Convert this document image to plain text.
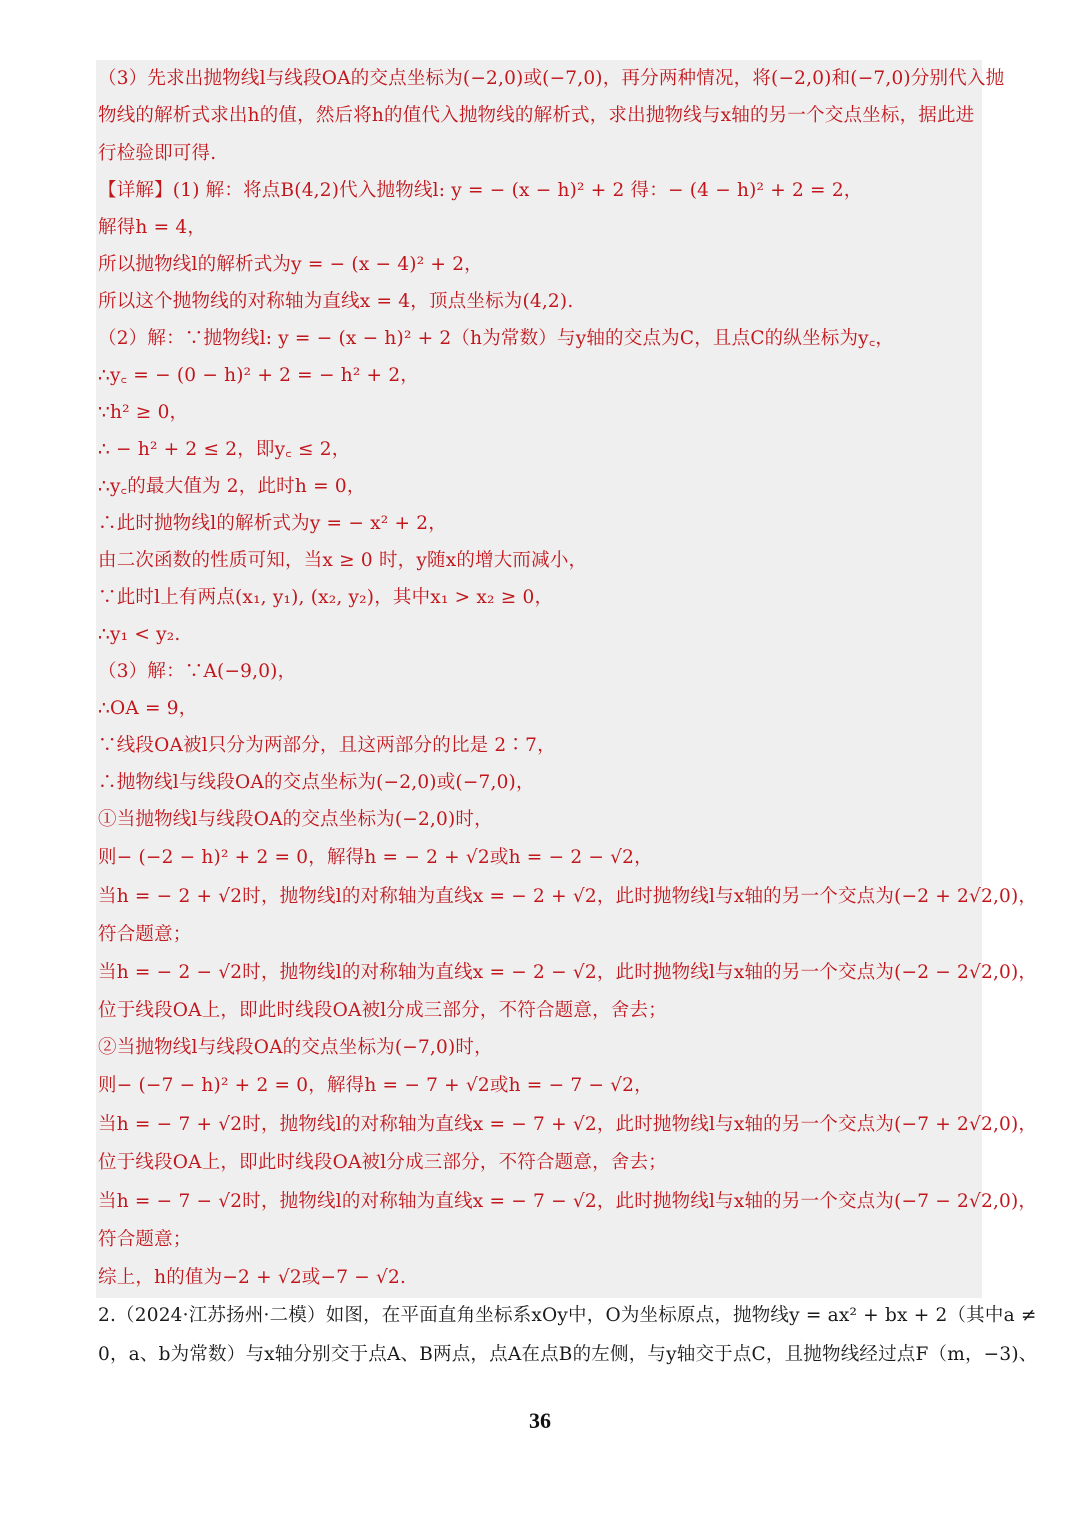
（3）先求出抛物线l与线段OA的交点坐标为(−2,0)或(−7,0)，再分两种情况，将(−2,0)和(−7,0)分别代入抛
物线的解析式求出h的值，然后将h的值代入抛物线的解析式，求出抛物线与x轴的另一个交点坐标，据此进
行检验即可得.
【详解】(1) 解：将点B(4,2)代入抛物线l: y = − (x − h)² + 2 得：− (4 − h)² + 2 = 2，
解得h = 4，
所以抛物线l的解析式为y = − (x − 4)² + 2，
所以这个抛物线的对称轴为直线x = 4，顶点坐标为(4,2).
（2）解：∵抛物线l: y = − (x − h)² + 2（h为常数）与y轴的交点为C，且点C的纵坐标为y꜀，
∴y꜀ = − (0 − h)² + 2 = − h² + 2，
∵h² ≥ 0，
∴ − h² + 2 ≤ 2，即y꜀ ≤ 2，
∴y꜀的最大值为 2，此时h = 0，
∴此时抛物线l的解析式为y = − x² + 2，
由二次函数的性质可知，当x ≥ 0 时，y随x的增大而减小，
∵此时l上有两点(x₁, y₁), (x₂, y₂)，其中x₁ > x₂ ≥ 0，
∴y₁ < y₂.
（3）解：∵A(−9,0)，
∴OA = 9，
∵线段OA被l只分为两部分，且这两部分的比是 2∶7，
∴抛物线l与线段OA的交点坐标为(−2,0)或(−7,0)，
①当抛物线l与线段OA的交点坐标为(−2,0)时，
则− (−2 − h)² + 2 = 0，解得h = − 2 + √2或h = − 2 − √2，
当h = − 2 + √2时，抛物线l的对称轴为直线x = − 2 + √2，此时抛物线l与x轴的另一个交点为(−2 + 2√2,0)，
符合题意；
当h = − 2 − √2时，抛物线l的对称轴为直线x = − 2 − √2，此时抛物线l与x轴的另一个交点为(−2 − 2√2,0)，
位于线段OA上，即此时线段OA被l分成三部分，不符合题意，舍去；
②当抛物线l与线段OA的交点坐标为(−7,0)时，
则− (−7 − h)² + 2 = 0，解得h = − 7 + √2或h = − 7 − √2，
当h = − 7 + √2时，抛物线l的对称轴为直线x = − 7 + √2，此时抛物线l与x轴的另一个交点为(−7 + 2√2,0)，
位于线段OA上，即此时线段OA被l分成三部分，不符合题意，舍去；
当h = − 7 − √2时，抛物线l的对称轴为直线x = − 7 − √2，此时抛物线l与x轴的另一个交点为(−7 − 2√2,0)，
符合题意；
综上，h的值为−2 + √2或−7 − √2.
2.（2024·江苏扬州·二模）如图，在平面直角坐标系xOy中，O为坐标原点，抛物线y = ax² + bx + 2（其中a ≠
0，a、b为常数）与x轴分别交于点A、B两点，点A在点B的左侧，与y轴交于点C，且抛物线经过点F（m，−3)、
36
